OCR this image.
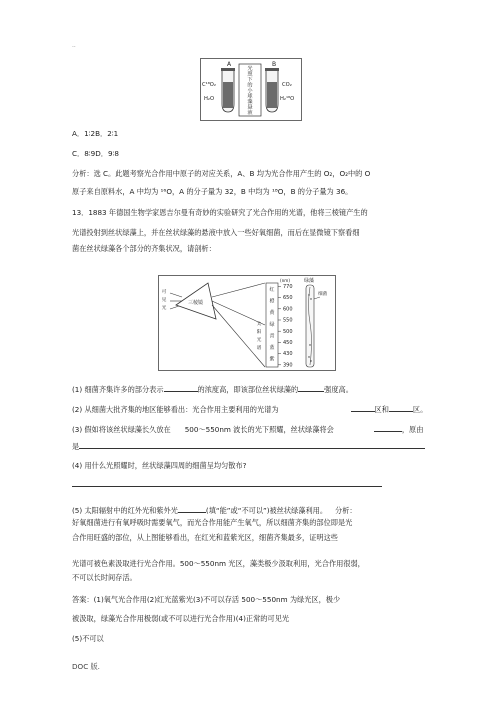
..
A	B
C¹⁸O₂
H₂O
CO₂
H₂¹⁸O
光
照
下
的
小
球
藻
悬
液
A．1∶2B．2∶1
C．8∶9D．9∶8
分析：选 C。此题考察光合作用中原子的对应关系，A、B 均为光合作用产生的 O₂，O₂中的 O
原子来自原料水，A 中均为 ¹⁶O，A 的分子量为 32，B 中均为 ¹⁸O，B 的分子量为 36。
13．1883 年德国生物学家恩吉尔曼有奇妙的实验研究了光合作用的光谱，他将三棱镜产生的
光谱投射到丝状绿藻上，并在丝状绿藻的悬液中放入一些好氧细菌，而后在显微镜下察看细
菌在丝状绿藻各个部分的齐集状况，请剖析：
可
见
光
三棱镜
太
阳
光
谱
红
橙
黄
绿
青
蓝
紫
(nm)
770
650
600
550
500
450
430
390
绿藻
细菌
(1) 细菌齐集许多的部分表示	的浓度高，即该部位丝状绿藻的	强度高。
(2) 从细菌大批齐集的地区能够看出：光合作用主要利用的光谱为	区和	区。
(3) 假如将该丝状绿藻长久放在 500～550nm 波长的光下照耀，丝状绿藻将会	，原由
是
(4) 用什么光照耀时，丝状绿藻四周的细菌呈均匀散布?
(5) 太阳辐射中的红外光和紫外光	(填“能”或“不可以”)被丝状绿藻利用。 分析：
好氧细菌进行有氧呼吸时需要氧气，而光合作用能产生氧气，所以细菌齐集的部位即是光
合作用旺盛的部位，从上图能够看出，在红光和蓝紫光区，细菌齐集最多，证明这些
光谱可被色素汲取进行光合作用。500～550nm 光区，藻类极少汲取利用，光合作用很弱，
不可以长时间存活。
答案：(1)氧气光合作用(2)红光蓝紫光(3)不可以存活 500～550nm 为绿光区，极少
被汲取，绿藻光合作用极弱(或不可以进行光合作用)(4)正常的可见光
(5)不可以
DOC 版.
